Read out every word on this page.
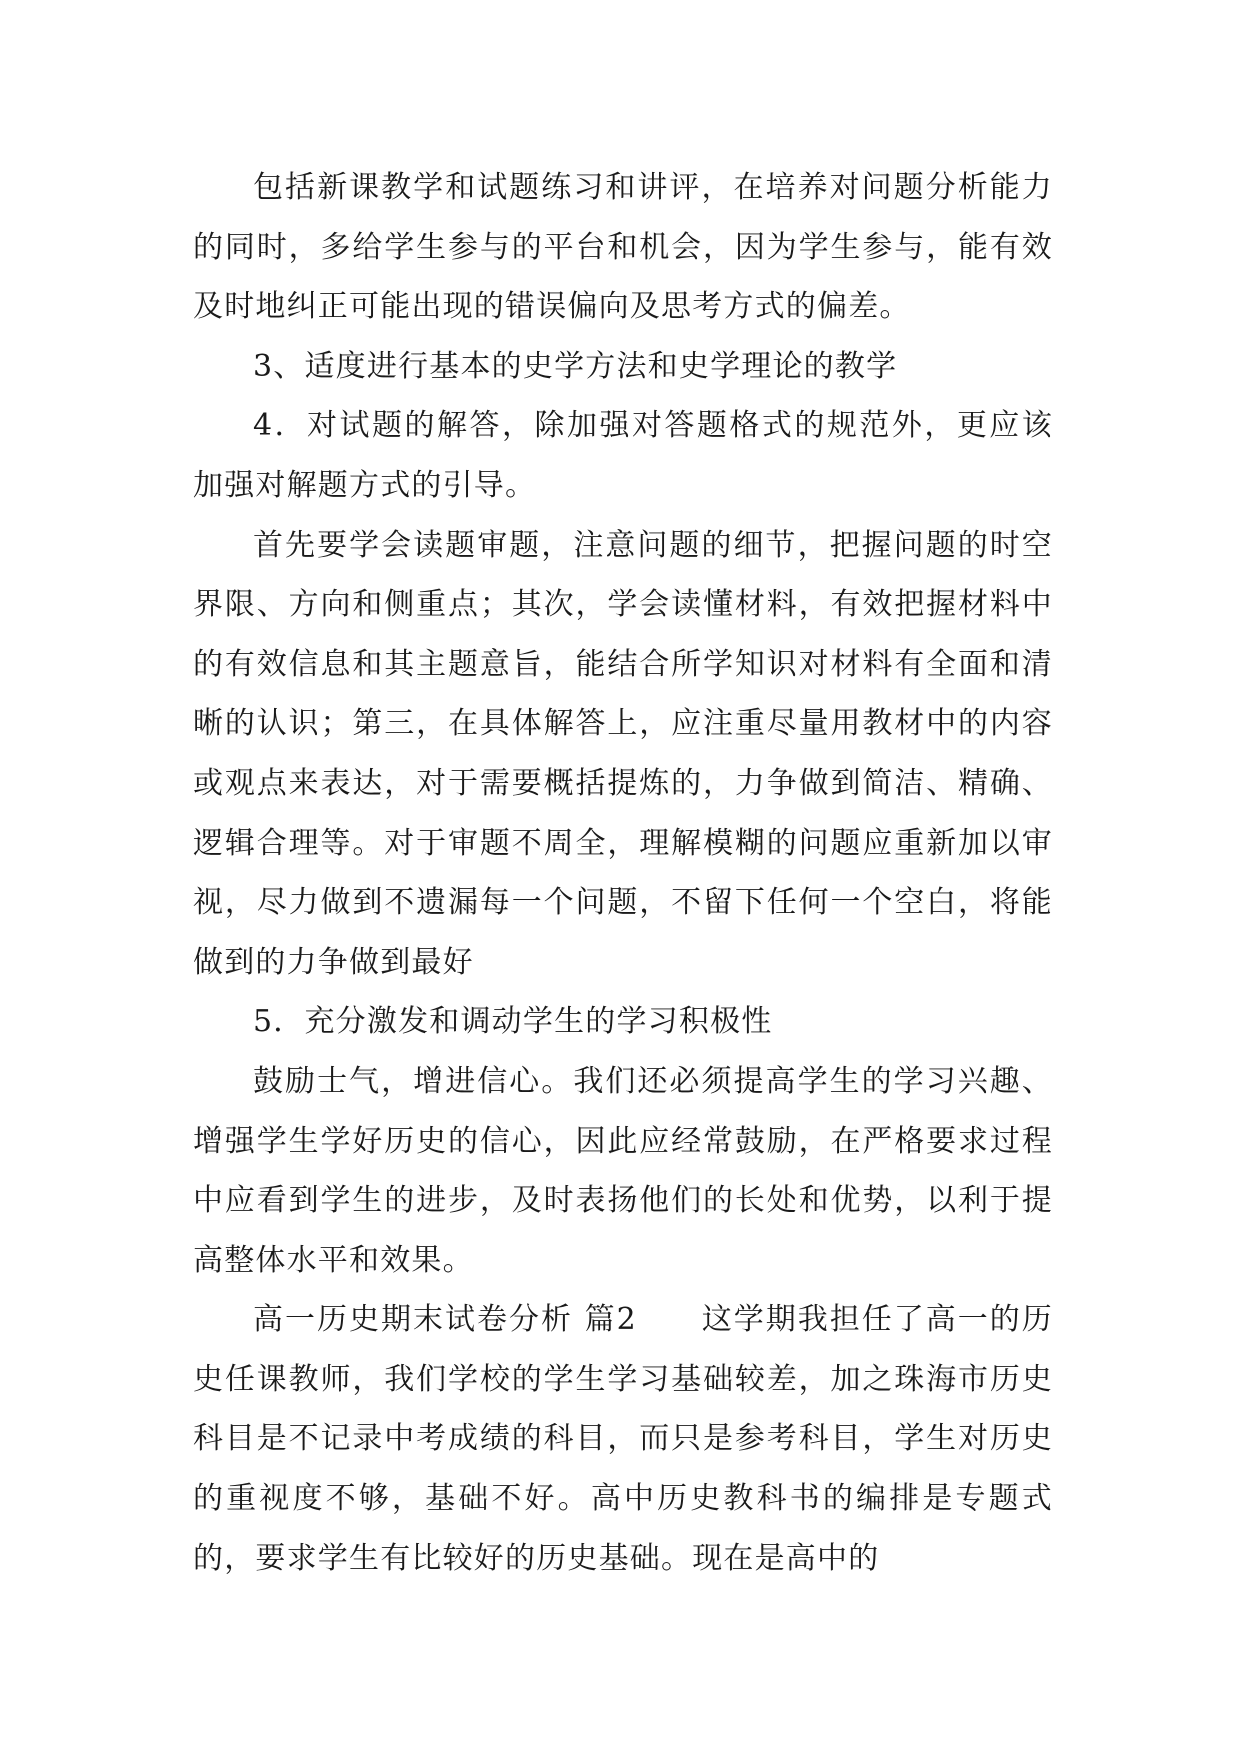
包括新课教学和试题练习和讲评，在培养对问题分析能力的同时，多给学生参与的平台和机会，因为学生参与，能有效及时地纠正可能出现的错误偏向及思考方式的偏差。

3、适度进行基本的史学方法和史学理论的教学

4．对试题的解答，除加强对答题格式的规范外，更应该加强对解题方式的引导。

首先要学会读题审题，注意问题的细节，把握问题的时空界限、方向和侧重点；其次，学会读懂材料，有效把握材料中的有效信息和其主题意旨，能结合所学知识对材料有全面和清晰的认识；第三，在具体解答上，应注重尽量用教材中的内容或观点来表达，对于需要概括提炼的，力争做到简洁、精确、逻辑合理等。对于审题不周全，理解模糊的问题应重新加以审视，尽力做到不遗漏每一个问题，不留下任何一个空白，将能做到的力争做到最好

5．充分激发和调动学生的学习积极性

鼓励士气，增进信心。我们还必须提高学生的学习兴趣、增强学生学好历史的信心，因此应经常鼓励，在严格要求过程中应看到学生的进步，及时表扬他们的长处和优势，以利于提高整体水平和效果。

高一历史期末试卷分析 篇2　　这学期我担任了高一的历史任课教师，我们学校的学生学习基础较差，加之珠海市历史科目是不记录中考成绩的科目，而只是参考科目，学生对历史的重视度不够，基础不好。高中历史教科书的编排是专题式的，要求学生有比较好的历史基础。现在是高中的
